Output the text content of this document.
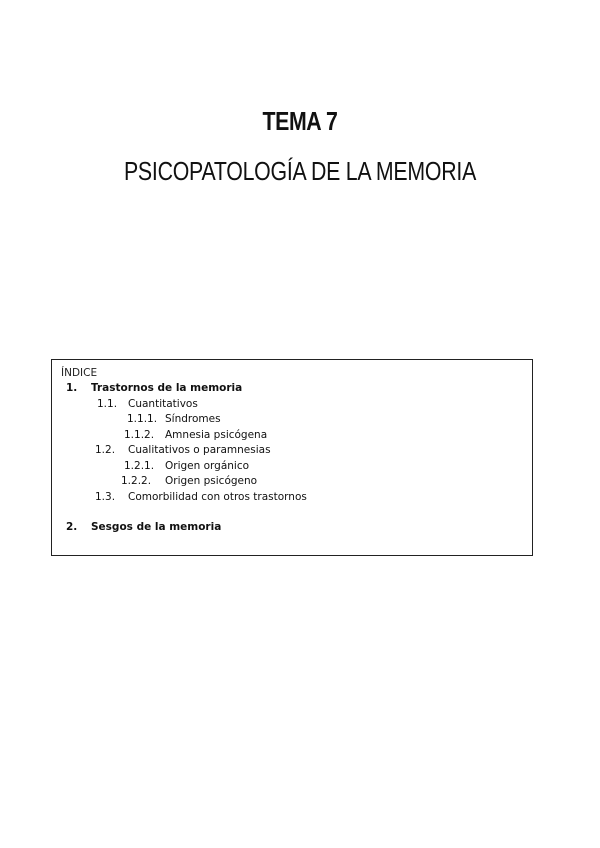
TEMA 7
PSICOPATOLOGÍA DE LA MEMORIA
ÍNDICE
1. Trastornos de la memoria
1.1. Cuantitativos
1.1.1. Síndromes
1.1.2. Amnesia psicógena
1.2. Cualitativos o paramnesias
1.2.1. Origen orgánico
1.2.2. Origen psicógeno
1.3. Comorbilidad con otros trastornos
2. Sesgos de la memoria
